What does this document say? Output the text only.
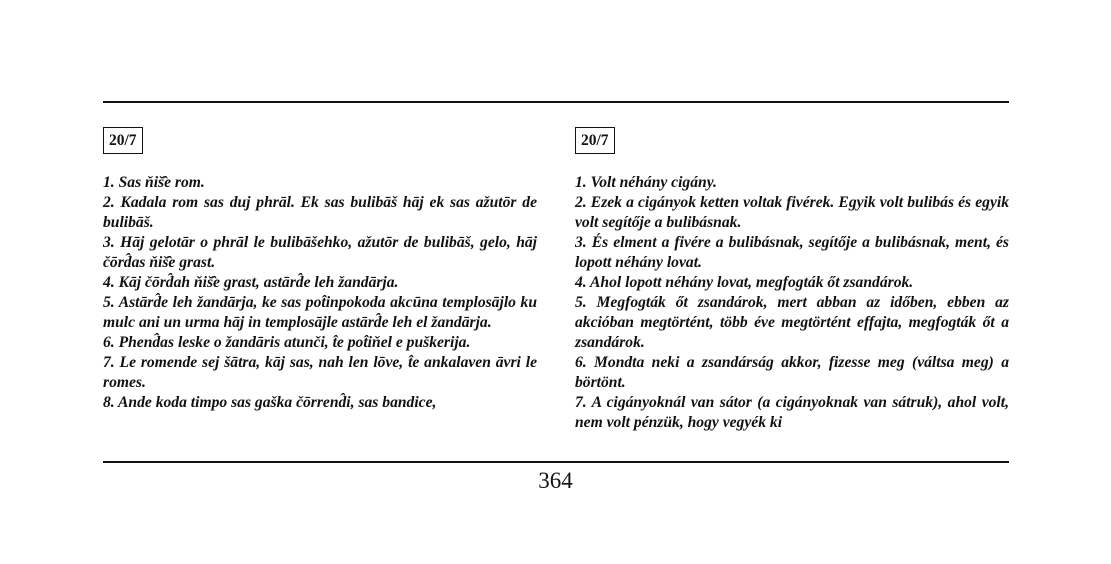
20/7

1. Sas ňiš̂e rom.

2. Kadala rom sas duj phrāl. Ek sas bulibāš hāj ek sas ažutōr de bulibāš.

3. Hāj gelotār o phrāl le bulibāšehko, ažutōr de bulibāš, gelo, hāj čōrd̂as ňiš̂e grast.

4. Kāj čōrd̂ah ňiš̂e grast, astārd̂e leh žandārja.

5. Astārd̂e leh žandārja, ke sas pot̂inpokoda akcūna templosājlo ku mulc ani un urma hāj in templosājle astārd̂e leh el žandārja.

6. Phend̂as leske o žandāris atunči, t̂e pot̂iňel e puškerija.

7. Le romende sej šātra, kāj sas, nah len lōve, t̂e ankalaven āvri le romes.

8. Ande koda timpo sas gaška čōrrend̂i, sas bandice,

20/7

1. Volt néhány cigány.

2. Ezek a cigányok ketten voltak fivérek. Egyik volt bulibás és egyik volt segítője a bulibásnak.

3. És elment a fivére a bulibásnak, segítője a bulibásnak, ment, és lopott néhány lovat.

4. Ahol lopott néhány lovat, megfogták őt zsandárok.

5. Megfogták őt zsandárok, mert abban az időben, ebben az akcióban megtörtént, több éve megtörtént effajta, megfogták őt a zsandárok.

6. Mondta neki a zsandárság akkor, fizesse meg (váltsa meg) a börtönt.

7. A cigányoknál van sátor (a cigányoknak van sátruk), ahol volt, nem volt pénzük, hogy vegyék ki

364
